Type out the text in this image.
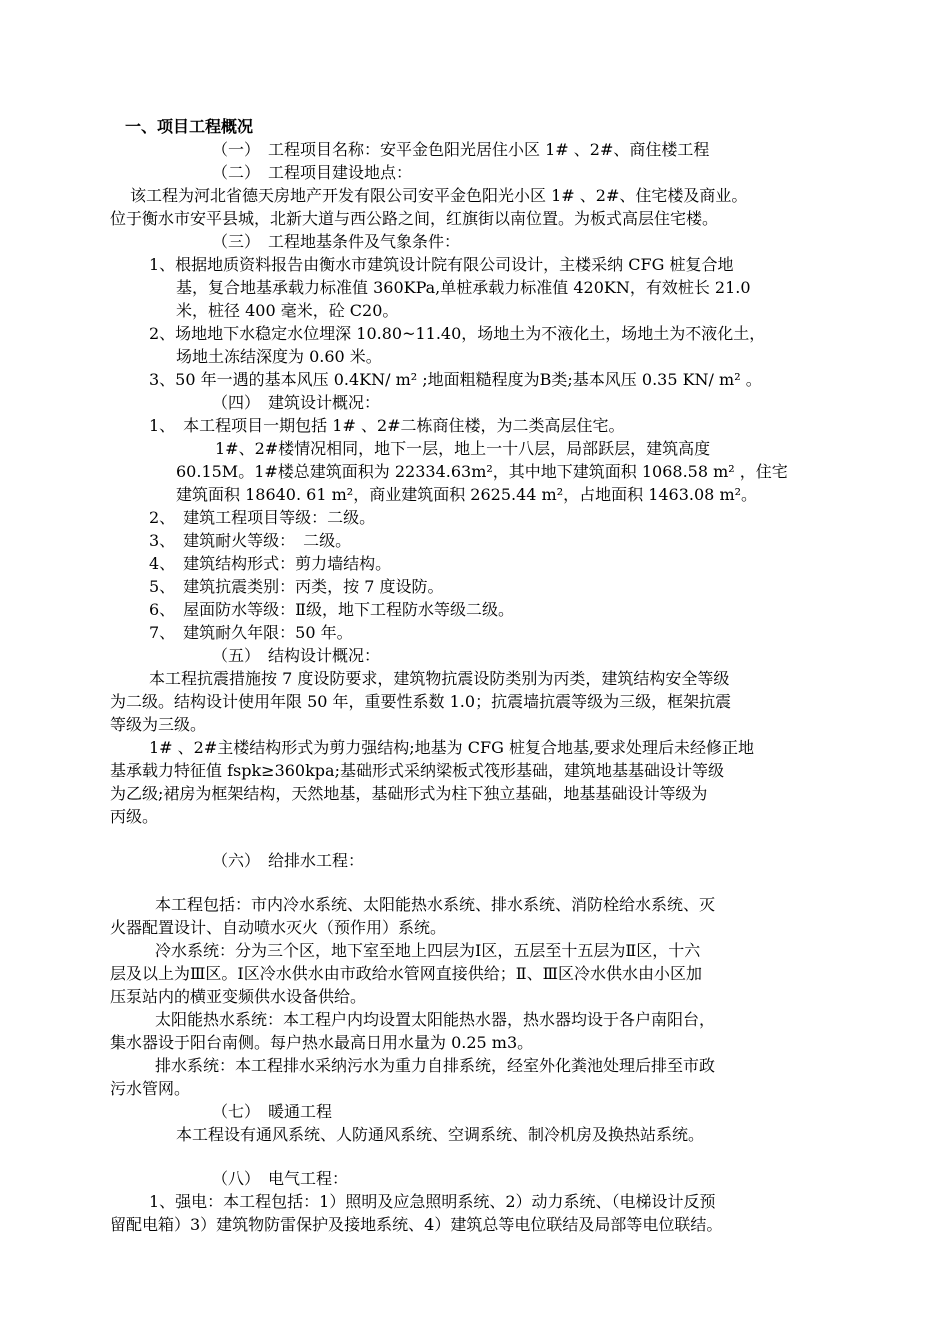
一、项目工程概况
（一）　工程项目名称：安平金色阳光居住小区 1# 、2#、商住楼工程
（二）　工程项目建设地点：
该工程为河北省德天房地产开发有限公司安平金色阳光小区 1# 、2#、住宅楼及商业。
位于衡水市安平县城，北新大道与西公路之间，红旗街以南位置。为板式高层住宅楼。
（三）　工程地基条件及气象条件：
1、根据地质资料报告由衡水市建筑设计院有限公司设计，主楼采纳 CFG 桩复合地
基，复合地基承载力标准值 360KPa,单桩承载力标准值 420KN，有效桩长 21.0
米，桩径 400 毫米，砼 C20。
2、场地地下水稳定水位埋深 10.80~11.40，场地土为不液化土，场地土为不液化土，
场地土冻结深度为 0.60 米。
3、50 年一遇的基本风压 0.4KN/ m² ;地面粗糙程度为Β类;基本风压 0.35 KN/ m² 。
（四）　建筑设计概况：
1、　本工程项目一期包括 1# 、2#二栋商住楼，为二类高层住宅。
1#、2#楼情况相同，地下一层，地上一十八层，局部跃层，建筑高度
60.15M。1#楼总建筑面积为 22334.63m²，其中地下建筑面积 1068.58 m² ，住宅
建筑面积 18640. 61 m²，商业建筑面积 2625.44 m²，占地面积 1463.08 m²。
2、　建筑工程项目等级：二级。
3、　建筑耐火等级：　二级。
4、　建筑结构形式：剪力墙结构。
5、　建筑抗震类别：丙类，按 7 度设防。
6、　屋面防水等级：Ⅱ级，地下工程防水等级二级。
7、　建筑耐久年限：50 年。
（五）　结构设计概况：
本工程抗震措施按 7 度设防要求，建筑物抗震设防类别为丙类，建筑结构安全等级
为二级。结构设计使用年限 50 年，重要性系数 1.0；抗震墙抗震等级为三级，框架抗震
等级为三级。
1# 、2#主楼结构形式为剪力强结构;地基为 CFG 桩复合地基,要求处理后未经修正地
基承载力特征值 fspk≥360kpa;基础形式采纳梁板式筏形基础，建筑地基基础设计等级
为乙级;裙房为框架结构，天然地基，基础形式为柱下独立基础，地基基础设计等级为
丙级。
（六）　给排水工程：
本工程包括：市内冷水系统、太阳能热水系统、排水系统、消防栓给水系统、灭
火器配置设计、自动喷水灭火（预作用）系统。
冷水系统：分为三个区，地下室至地上四层为Ⅰ区，五层至十五层为Ⅱ区，十六
层及以上为Ⅲ区。Ⅰ区冷水供水由市政给水管网直接供给；Ⅱ、Ⅲ区冷水供水由小区加
压泵站内的横亚变频供水设备供给。
太阳能热水系统：本工程户内均设置太阳能热水器，热水器均设于各户南阳台，
集水器设于阳台南侧。每户热水最高日用水量为 0.25 m3。
排水系统：本工程排水采纳污水为重力自排系统，经室外化粪池处理后排至市政
污水管网。
（七）　暖通工程
本工程设有通风系统、人防通风系统、空调系统、制冷机房及换热站系统。
（八）　电气工程：
1、强电：本工程包括：1）照明及应急照明系统、2）动力系统、（电梯设计反预
留配电箱）3）建筑物防雷保护及接地系统、4）建筑总等电位联结及局部等电位联结。
